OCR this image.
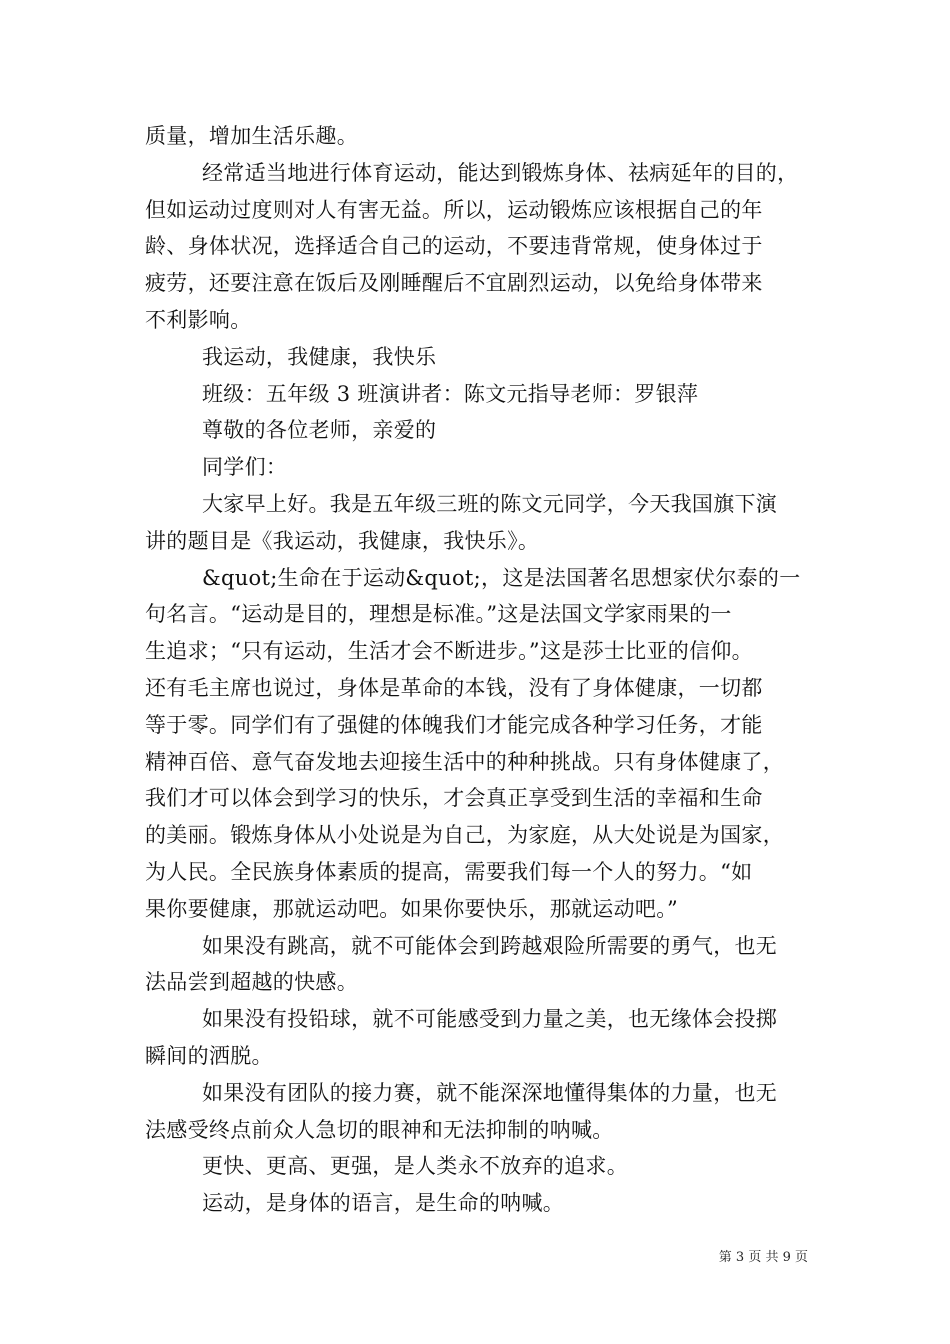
质量，增加生活乐趣。
经常适当地进行体育运动，能达到锻炼身体、祛病延年的目的，
但如运动过度则对人有害无益。所以，运动锻炼应该根据自己的年
龄、身体状况，选择适合自己的运动，不要违背常规，使身体过于
疲劳，还要注意在饭后及刚睡醒后不宜剧烈运动，以免给身体带来
不利影响。
我运动，我健康，我快乐
班级：五年级 3 班演讲者：陈文元指导老师：罗银萍
尊敬的各位老师，亲爱的
同学们：
大家早上好。我是五年级三班的陈文元同学，今天我国旗下演
讲的题目是《我运动，我健康，我快乐》。
&quot;生命在于运动&quot;，这是法国著名思想家伏尔泰的一
句名言。“运动是目的，理想是标准。”这是法国文学家雨果的一
生追求；“只有运动，生活才会不断进步。”这是莎士比亚的信仰。
还有毛主席也说过，身体是革命的本钱，没有了身体健康，一切都
等于零。同学们有了强健的体魄我们才能完成各种学习任务，才能
精神百倍、意气奋发地去迎接生活中的种种挑战。只有身体健康了，
我们才可以体会到学习的快乐，才会真正享受到生活的幸福和生命
的美丽。锻炼身体从小处说是为自己，为家庭，从大处说是为国家，
为人民。全民族身体素质的提高，需要我们每一个人的努力。“如
果你要健康，那就运动吧。如果你要快乐，那就运动吧。”
如果没有跳高，就不可能体会到跨越艰险所需要的勇气，也无
法品尝到超越的快感。
如果没有投铅球，就不可能感受到力量之美，也无缘体会投掷
瞬间的洒脱。
如果没有团队的接力赛，就不能深深地懂得集体的力量，也无
法感受终点前众人急切的眼神和无法抑制的呐喊。
更快、更高、更强，是人类永不放弃的追求。
运动，是身体的语言，是生命的呐喊。
第 3 页 共 9 页
